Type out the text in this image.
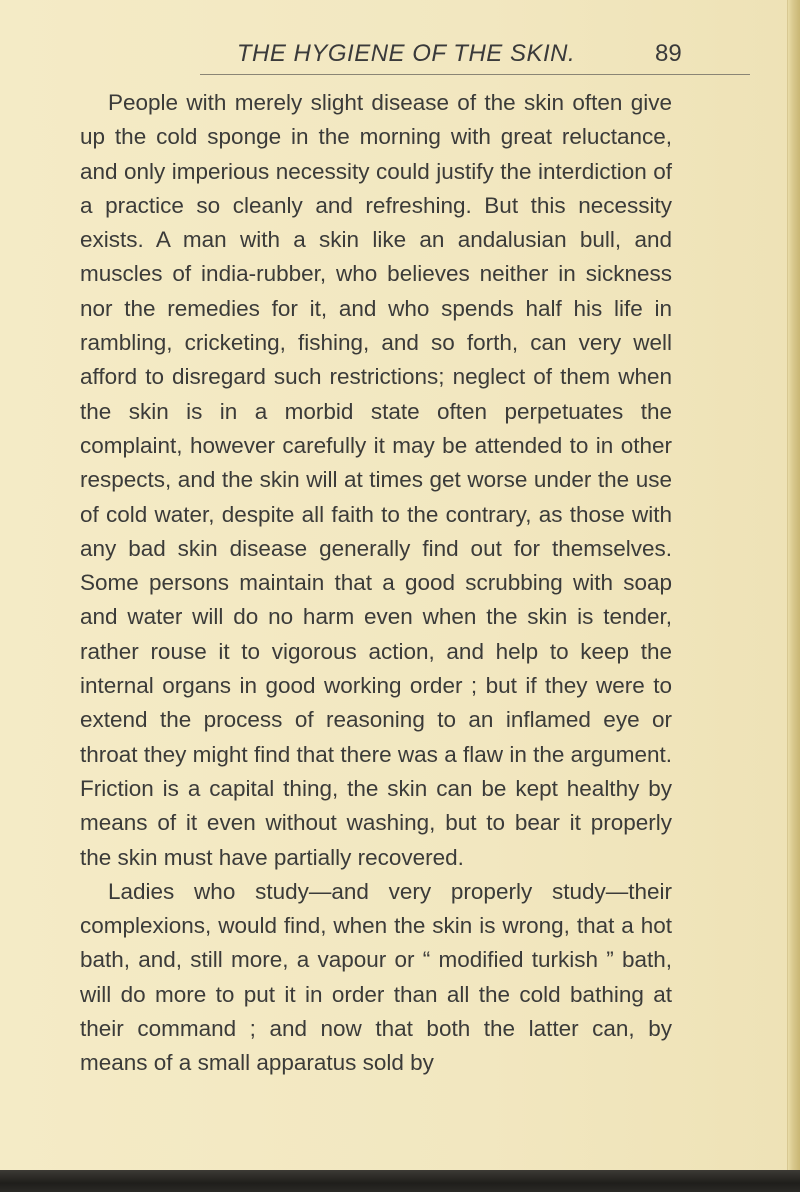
THE HYGIENE OF THE SKIN.	89

People with merely slight disease of the skin often give up the cold sponge in the morning with great reluctance, and only imperious necessity could justify the interdiction of a practice so cleanly and refreshing. But this necessity exists. A man with a skin like an andalusian bull, and muscles of india-rubber, who believes neither in sickness nor the remedies for it, and who spends half his life in rambling, cricketing, fishing, and so forth, can very well afford to disregard such restrictions; neglect of them when the skin is in a morbid state often perpetuates the complaint, however carefully it may be attended to in other respects, and the skin will at times get worse under the use of cold water, despite all faith to the contrary, as those with any bad skin disease generally find out for themselves. Some persons maintain that a good scrubbing with soap and water will do no harm even when the skin is tender, rather rouse it to vigorous action, and help to keep the internal organs in good working order ; but if they were to extend the process of reasoning to an inflamed eye or throat they might find that there was a flaw in the argument. Friction is a capital thing, the skin can be kept healthy by means of it even without washing, but to bear it properly the skin must have partially recovered.

Ladies who study—and very properly study—their complexions, would find, when the skin is wrong, that a hot bath, and, still more, a vapour or “ modified turkish ” bath, will do more to put it in order than all the cold bathing at their command ; and now that both the latter can, by means of a small apparatus sold by
